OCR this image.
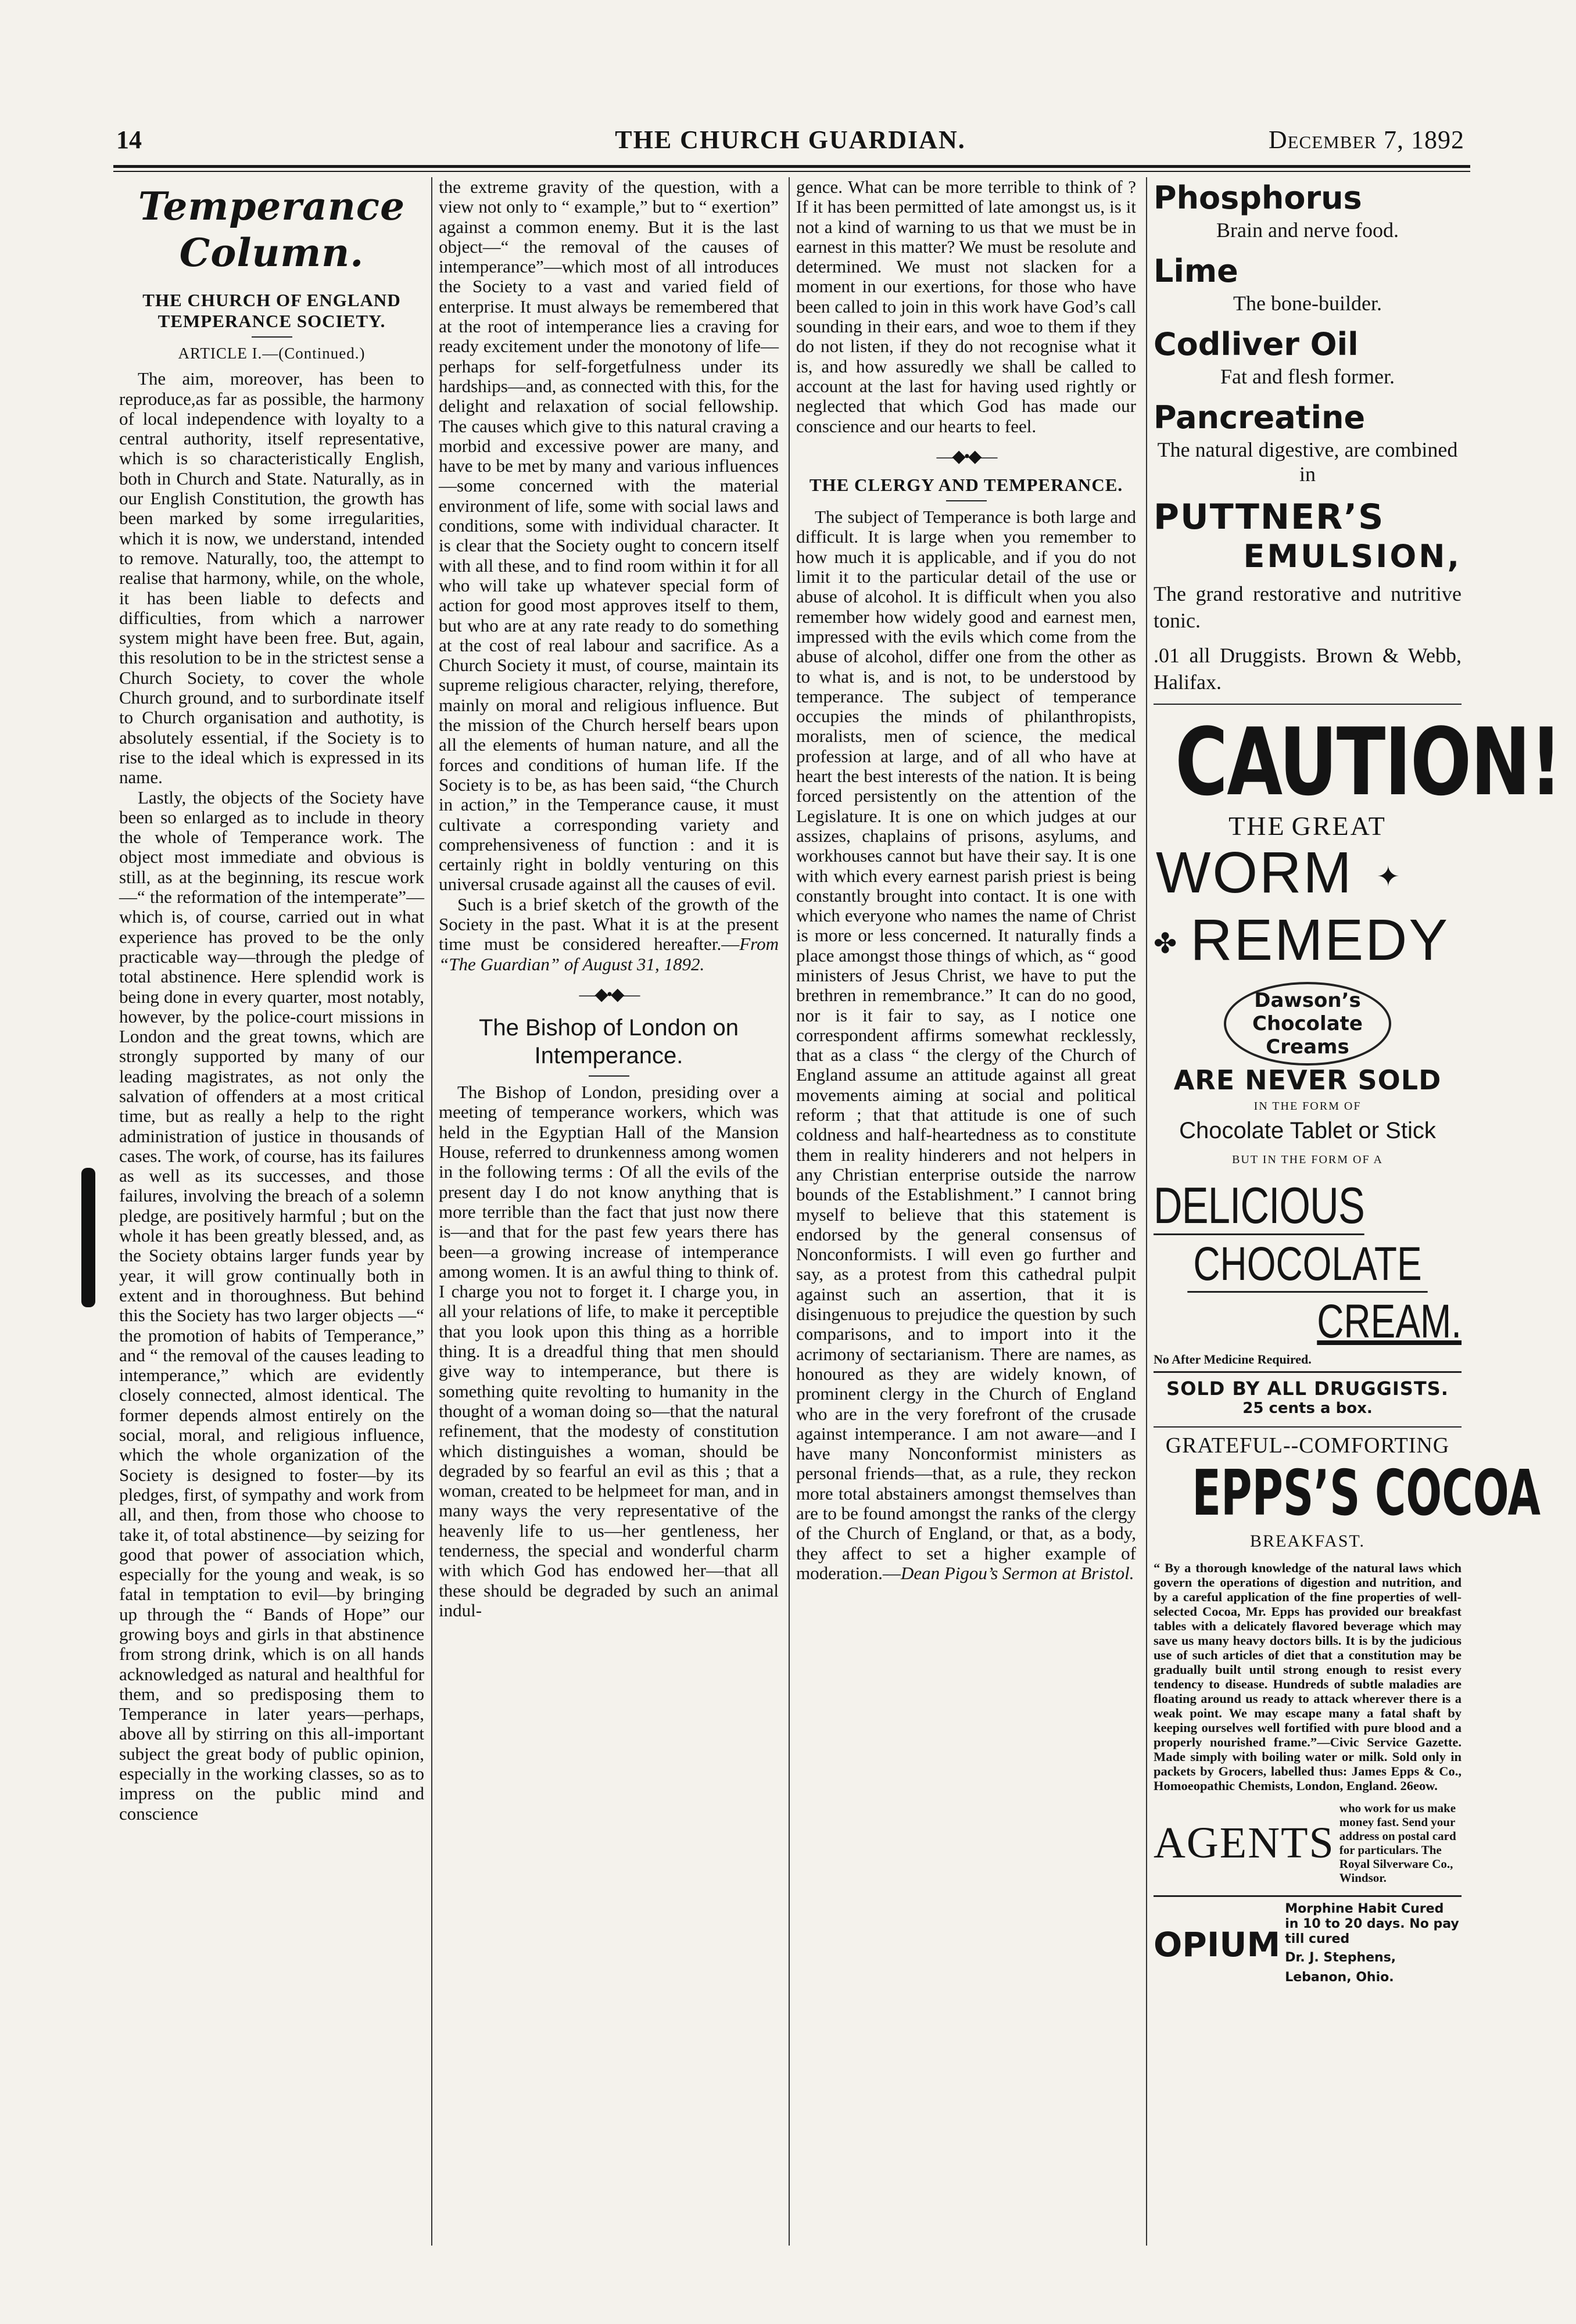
14	THE CHURCH GUARDIAN.	December 7, 1892
Temperance Column.
THE CHURCH OF ENGLAND TEMPERANCE SOCIETY.
ARTICLE I.—(Continued.)

The aim, moreover, has been to reproduce,as far as possible, the harmony of local independence with loyalty to a central authority, itself representative, which is so characteristically English, both in Church and State. Naturally, as in our English Constitution, the growth has been marked by some irregularities, which it is now, we understand, intended to remove. Naturally, too, the attempt to realise that harmony, while, on the whole, it has been liable to defects and difficulties, from which a narrower system might have been free. But, again, this resolution to be in the strictest sense a Church Society, to cover the whole Church ground, and to surbordinate itself to Church organisation and authotity, is absolutely essential, if the Society is to rise to the ideal which is expressed in its name.

Lastly, the objects of the Society have been so enlarged as to include in theory the whole of Temperance work. The object most immediate and obvious is still, as at the beginning, its rescue work—“ the reformation of the intemperate”—which is, of course, carried out in what experience has proved to be the only practicable way—through the pledge of total abstinence. Here splendid work is being done in every quarter, most notably, however, by the police-court missions in London and the great towns, which are strongly supported by many of our leading magistrates, as not only the salvation of offenders at a most critical time, but as really a help to the right administration of justice in thousands of cases. The work, of course, has its failures as well as its successes, and those failures, involving the breach of a solemn pledge, are positively harmful ; but on the whole it has been greatly blessed, and, as the Society obtains larger funds year by year, it will grow continually both in extent and in thoroughness. But behind this the Society has two larger objects —“ the promotion of habits of Temperance,” and “ the removal of the causes leading to intemperance,” which are evidently closely connected, almost identical. The former depends almost entirely on the social, moral, and religious influence, which the whole organization of the Society is designed to foster—by its pledges, first, of sympathy and work from all, and then, from those who choose to take it, of total abstinence—by seizing for good that power of association which, especially for the young and weak, is so fatal in temptation to evil—by bringing up through the “ Bands of Hope” our growing boys and girls in that abstinence from strong drink, which is on all hands acknowledged as natural and healthful for them, and so predisposing them to Temperance in later years—perhaps, above all by stirring on this all-important subject the great body of public opinion, especially in the working classes, so as to impress on the public mind and conscience

the extreme gravity of the question, with a view not only to “ example,” but to “ exertion” against a common enemy. But it is the last object—“ the removal of the causes of intemperance”—which most of all introduces the Society to a vast and varied field of enterprise. It must always be remembered that at the root of intemperance lies a craving for ready excitement under the monotony of life—perhaps for self-forgetfulness under its hardships—and, as connected with this, for the delight and relaxation of social fellowship. The causes which give to this natural craving a morbid and excessive power are many, and have to be met by many and various influences—some concerned with the material environment of life, some with social laws and conditions, some with individual character. It is clear that the Society ought to concern itself with all these, and to find room within it for all who will take up whatever special form of action for good most approves itself to them, but who are at any rate ready to do something at the cost of real labour and sacrifice. As a Church Society it must, of course, maintain its supreme religious character, relying, therefore, mainly on moral and religious influence. But the mission of the Church herself bears upon all the elements of human nature, and all the forces and conditions of human life. If the Society is to be, as has been said, “the Church in action,” in the Temperance cause, it must cultivate a corresponding variety and comprehensiveness of function : and it is certainly right in boldly venturing on this universal crusade against all the causes of evil.

Such is a brief sketch of the growth of the Society in the past. What it is at the present time must be considered hereafter.—From “The Guardian” of August 31, 1892.

—◆•◆—
The Bishop of London on Intemperance.

The Bishop of London, presiding over a meeting of temperance workers, which was held in the Egyptian Hall of the Mansion House, referred to drunkenness among women in the following terms : Of all the evils of the present day I do not know anything that is more terrible than the fact that just now there is—and that for the past few years there has been—a growing increase of intemperance among women. It is an awful thing to think of. I charge you not to forget it. I charge you, in all your relations of life, to make it perceptible that you look upon this thing as a horrible thing. It is a dreadful thing that men should give way to intemperance, but there is something quite revolting to humanity in the thought of a woman doing so—that the natural refinement, that the modesty of constitution which distinguishes a woman, should be degraded by so fearful an evil as this ; that a woman, created to be helpmeet for man, and in many ways the very representative of the heavenly life to us—her gentleness, her tenderness, the special and wonderful charm with which God has endowed her—that all these should be degraded by such an animal indul-

gence. What can be more terrible to think of ? If it has been permitted of late amongst us, is it not a kind of warning to us that we must be in earnest in this matter? We must be resolute and determined. We must not slacken for a moment in our exertions, for those who have been called to join in this work have God’s call sounding in their ears, and woe to them if they do not listen, if they do not recognise what it is, and how assuredly we shall be called to account at the last for having used rightly or neglected that which God has made our conscience and our hearts to feel.

—◆•◆—
THE CLERGY AND TEMPERANCE.

The subject of Temperance is both large and difficult. It is large when you remember to how much it is applicable, and if you do not limit it to the particular detail of the use or abuse of alcohol. It is difficult when you also remember how widely good and earnest men, impressed with the evils which come from the abuse of alcohol, differ one from the other as to what is, and is not, to be understood by temperance. The subject of temperance occupies the minds of philanthropists, moralists, men of science, the medical profession at large, and of all who have at heart the best interests of the nation. It is being forced persistently on the attention of the Legislature. It is one on which judges at our assizes, chaplains of prisons, asylums, and workhouses cannot but have their say. It is one with which every earnest parish priest is being constantly brought into contact. It is one with which everyone who names the name of Christ is more or less concerned. It naturally finds a place amongst those things of which, as “ good ministers of Jesus Christ, we have to put the brethren in remembrance.” It can do no good, nor is it fair to say, as I notice one correspondent affirms somewhat recklessly, that as a class “ the clergy of the Church of England assume an attitude against all great movements aiming at social and political reform ; that that attitude is one of such coldness and half-heartedness as to constitute them in reality hinderers and not helpers in any Christian enterprise outside the narrow bounds of the Establishment.” I cannot bring myself to believe that this statement is endorsed by the general consensus of Nonconformists. I will even go further and say, as a protest from this cathedral pulpit against such an assertion, that it is disingenuous to prejudice the question by such comparisons, and to import into it the acrimony of sectarianism. There are names, as honoured as they are widely known, of prominent clergy in the Church of England who are in the very forefront of the crusade against intemperance. I am not aware—and I have many Nonconformist ministers as personal friends—that, as a rule, they reckon more total abstainers amongst themselves than are to be found amongst the ranks of the clergy of the Church of England, or that, as a body, they affect to set a higher example of moderation.—Dean Pigou’s Sermon at Bristol.

Phosphorus
Brain and nerve food.
Lime
The bone-builder.
Codliver Oil
Fat and flesh former.
Pancreatine
The natural digestive, are combined in
PUTTNER’S
EMULSION,
The grand restorative and nutritive tonic.
.01 all Druggists. Brown & Webb, Halifax.
CAUTION!
THE GREAT
WORM ✦
✤ REMEDY
Dawson’s
Chocolate
Creams
ARE NEVER SOLD
IN THE FORM OF
Chocolate Tablet or Stick
BUT IN THE FORM OF A
DELICIOUS
CHOCOLATE
CREAM.
No After Medicine Required.
SOLD BY ALL DRUGGISTS.
25 cents a box.
GRATEFUL--COMFORTING
EPPS’S COCOA
BREAKFAST.
“ By a thorough knowledge of the natural laws which govern the operations of digestion and nutrition, and by a careful application of the fine properties of well-selected Cocoa, Mr. Epps has provided our breakfast tables with a delicately flavored beverage which may save us many heavy doctors bills. It is by the judicious use of such articles of diet that a constitution may be gradually built until strong enough to resist every tendency to disease. Hundreds of subtle maladies are floating around us ready to attack wherever there is a weak point. We may escape many a fatal shaft by keeping ourselves well fortified with pure blood and a properly nourished frame.”—Civic Service Gazette. Made simply with boiling water or milk. Sold only in packets by Grocers, labelled thus: James Epps & Co., Homoeopathic Chemists, London, England. 26eow.
AGENTS
who work for us make money fast. Send your address on postal card for particulars. The Royal Silverware Co., Windsor.
OPIUM
Morphine Habit Cured in 10 to 20 days. No pay till cured
Dr. J. Stephens, Lebanon, Ohio.
